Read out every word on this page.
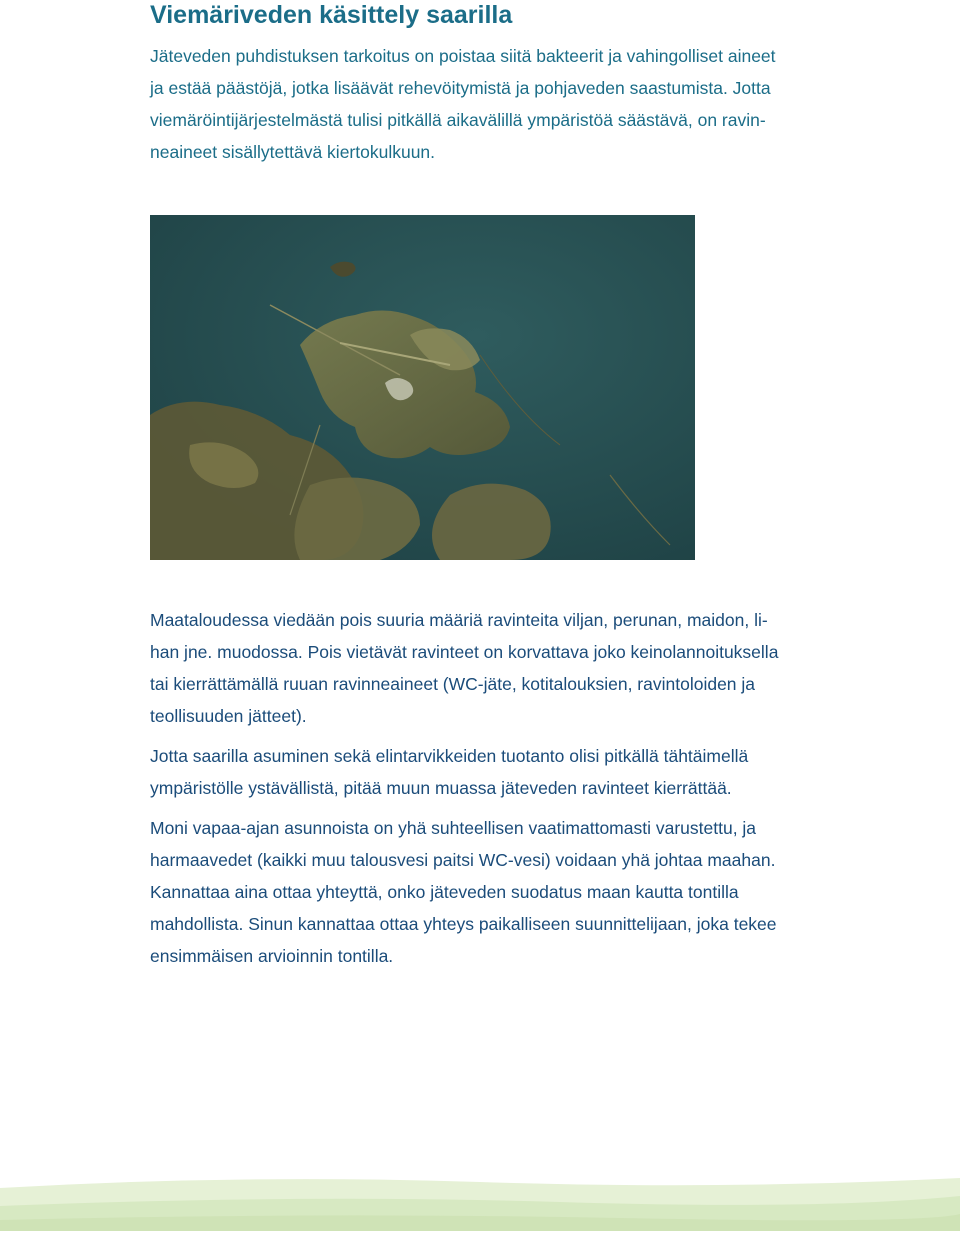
Viemäriveden käsittely saarilla
Jäteveden puhdistuksen tarkoitus on poistaa siitä bakteerit ja vahingolliset aineet
ja estää päästöjä, jotka lisäävät rehevöitymistä ja pohjaveden saastumista. Jotta
viemäröintijärjestelmästä tulisi pitkällä aikavälillä ympäristöä säästävä, on ravin-
neaineet sisällytettävä kiertokulkuun.
Maataloudessa viedään pois suuria määriä ravinteita viljan, perunan, maidon, li-
han jne. muodossa. Pois vietävät ravinteet on korvattava joko keinolannoituksella
tai kierrättämällä ruuan ravinneaineet (WC-jäte, kotitalouksien, ravintoloiden ja
teollisuuden jätteet).
Jotta saarilla asuminen sekä elintarvikkeiden tuotanto olisi pitkällä tähtäimellä
ympäristölle ystävällistä, pitää muun muassa jäteveden ravinteet kierrättää.
Moni vapaa-ajan asunnoista on yhä suhteellisen vaatimattomasti varustettu, ja
harmaavedet (kaikki muu talousvesi paitsi WC-vesi) voidaan yhä johtaa maahan.
Kannattaa aina ottaa yhteyttä, onko jäteveden suodatus maan kautta tontilla
mahdollista. Sinun kannattaa ottaa yhteys paikalliseen suunnittelijaan, joka tekee
ensimmäisen arvioinnin tontilla.
